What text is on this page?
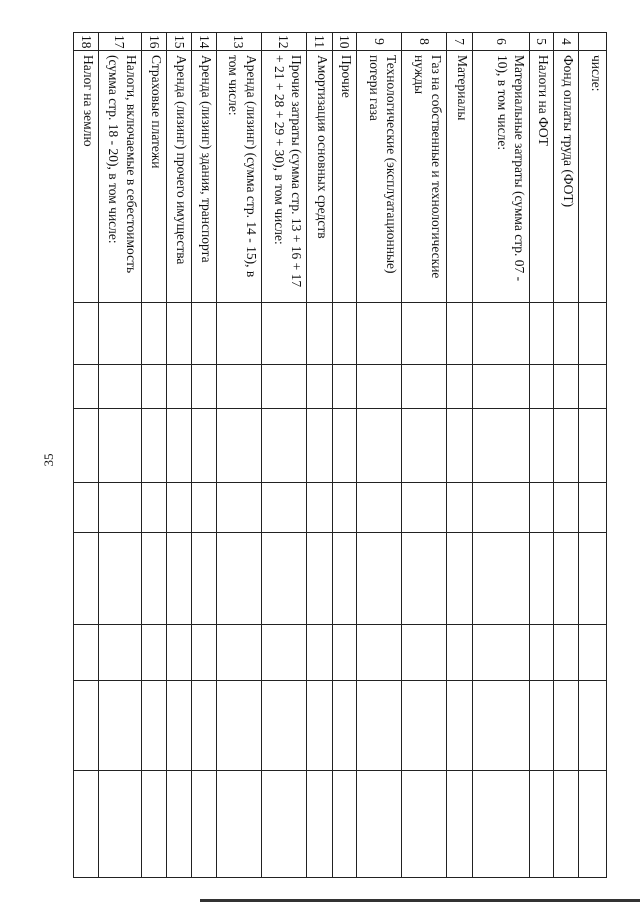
35
	числе:								
4	Фонд оплаты труда (ФОТ)								
5	Налоги на ФОТ								
6	Материальные затраты (сумма стр. 07 - 10), в том числе:								
7	Материалы								
8	Газ на собственные и технологические нужды								
9	Технологические (эксплуатационные) потери газа								
10	Прочие								
11	Амортизация основных средств								
12	Прочие затраты (сумма стр. 13 + 16 + 17 + 21 + 28 + 29 + 30), в том числе:								
13	Аренда (лизинг) (сумма стр. 14 - 15), в том числе:								
14	Аренда (лизинг) здания, транспорта								
15	Аренда (лизинг) прочего имущества								
16	Страховые платежи								
17	Налоги, включаемые в себестоимость (сумма стр. 18 - 20), в том числе:								
18	Налог на землю								
